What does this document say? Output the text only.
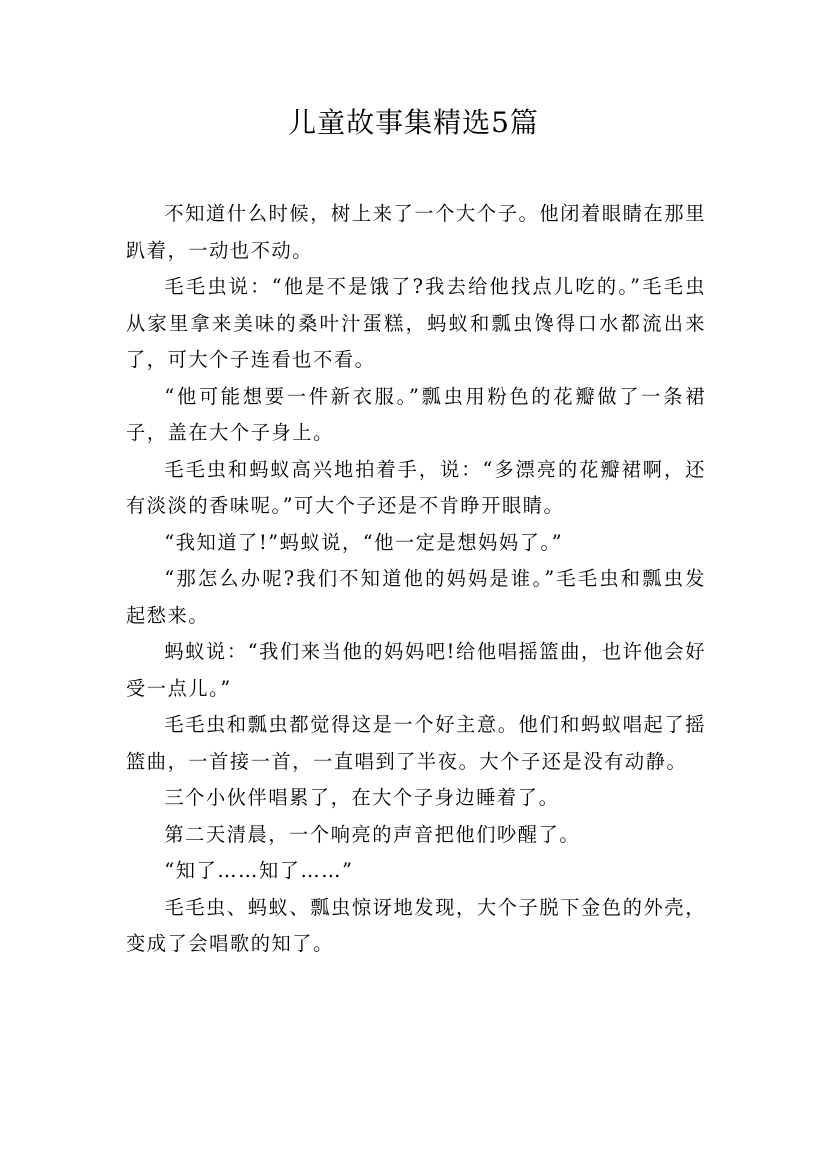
儿童故事集精选5篇

不知道什么时候，树上来了一个大个子。他闭着眼睛在那里趴着，一动也不动。

毛毛虫说：“他是不是饿了?我去给他找点儿吃的。”毛毛虫从家里拿来美味的桑叶汁蛋糕，蚂蚁和瓢虫馋得口水都流出来了，可大个子连看也不看。

“他可能想要一件新衣服。”瓢虫用粉色的花瓣做了一条裙子，盖在大个子身上。

毛毛虫和蚂蚁高兴地拍着手，说：“多漂亮的花瓣裙啊，还有淡淡的香味呢。”可大个子还是不肯睁开眼睛。

“我知道了!”蚂蚁说，“他一定是想妈妈了。”

“那怎么办呢?我们不知道他的妈妈是谁。”毛毛虫和瓢虫发起愁来。

蚂蚁说：“我们来当他的妈妈吧!给他唱摇篮曲，也许他会好受一点儿。”

毛毛虫和瓢虫都觉得这是一个好主意。他们和蚂蚁唱起了摇篮曲，一首接一首，一直唱到了半夜。大个子还是没有动静。

三个小伙伴唱累了，在大个子身边睡着了。

第二天清晨，一个响亮的声音把他们吵醒了。

“知了……知了……”

毛毛虫、蚂蚁、瓢虫惊讶地发现，大个子脱下金色的外壳，变成了会唱歌的知了。
